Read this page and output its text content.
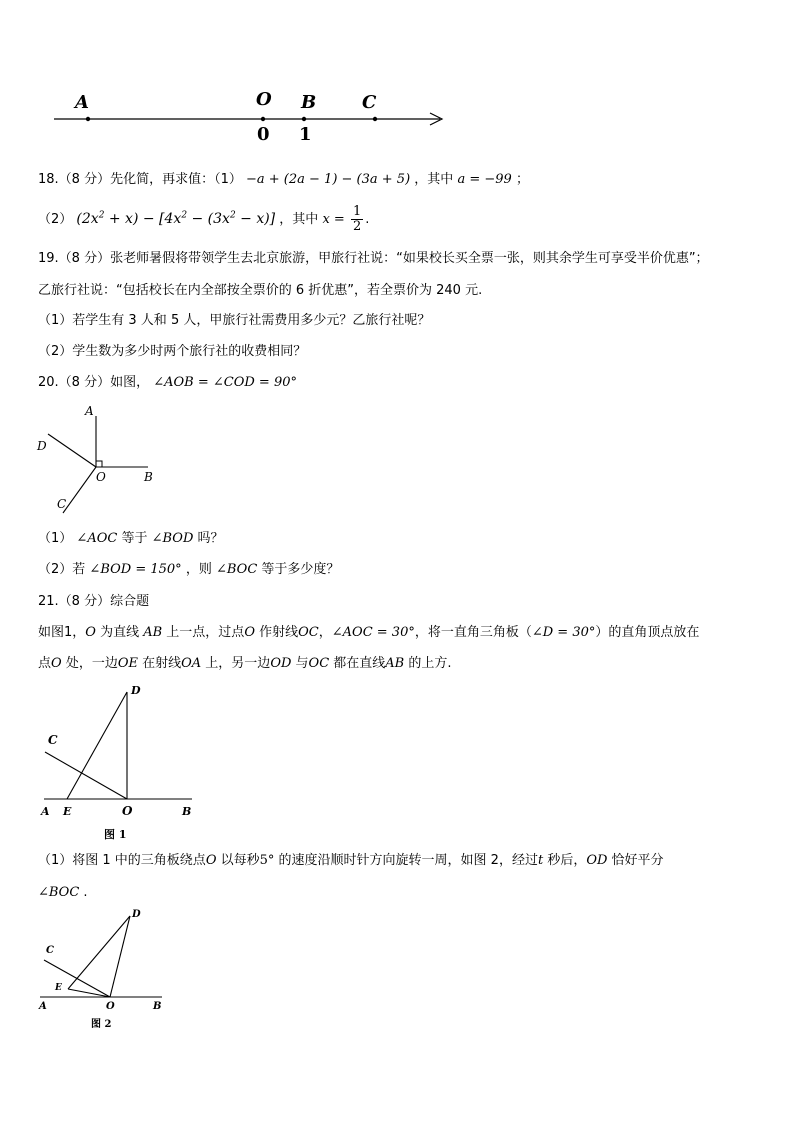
A	O B	C
0 1
18.（8 分）先化简，再求值：（1） −a + (2a − 1) − (3a + 5) ，其中 a = −99 ；
（2） $(2x^2 + x) - [4x^2 - (3x^2 - x)]$ ，其中 $x = \frac{1}{2}$ .
19.（8 分）张老师暑假将带领学生去北京旅游，甲旅行社说：“如果校长买全票一张，则其余学生可享受半价优惠”；
乙旅行社说：“包括校长在内全部按全票价的 6 折优惠”，若全票价为 240 元.
（1）若学生有 3 人和 5 人，甲旅行社需费用多少元？乙旅行社呢？
（2）学生数为多少时两个旅行社的收费相同？
20.（8 分）如图， ∠AOB = ∠COD = 90°
A
D
O	B
C
（1） ∠AOC 等于 ∠BOD 吗？
（2）若 ∠BOD = 150° ，则 ∠BOC 等于多少度？
21.（8 分）综合题
如图1，O 为直线 AB 上一点，过点O 作射线OC，∠AOC = 30°，将一直角三角板（∠D = 30°）的直角顶点放在
点O 处，一边OE 在射线OA 上，另一边OD 与OC 都在直线AB 的上方.
D
C
A E	O	B
图 1
（1）将图 1 中的三角板绕点O 以每秒5° 的速度沿顺时针方向旋转一周，如图 2，经过t 秒后，OD 恰好平分
∠BOC .
D
C
E
A	O	B
图 2
